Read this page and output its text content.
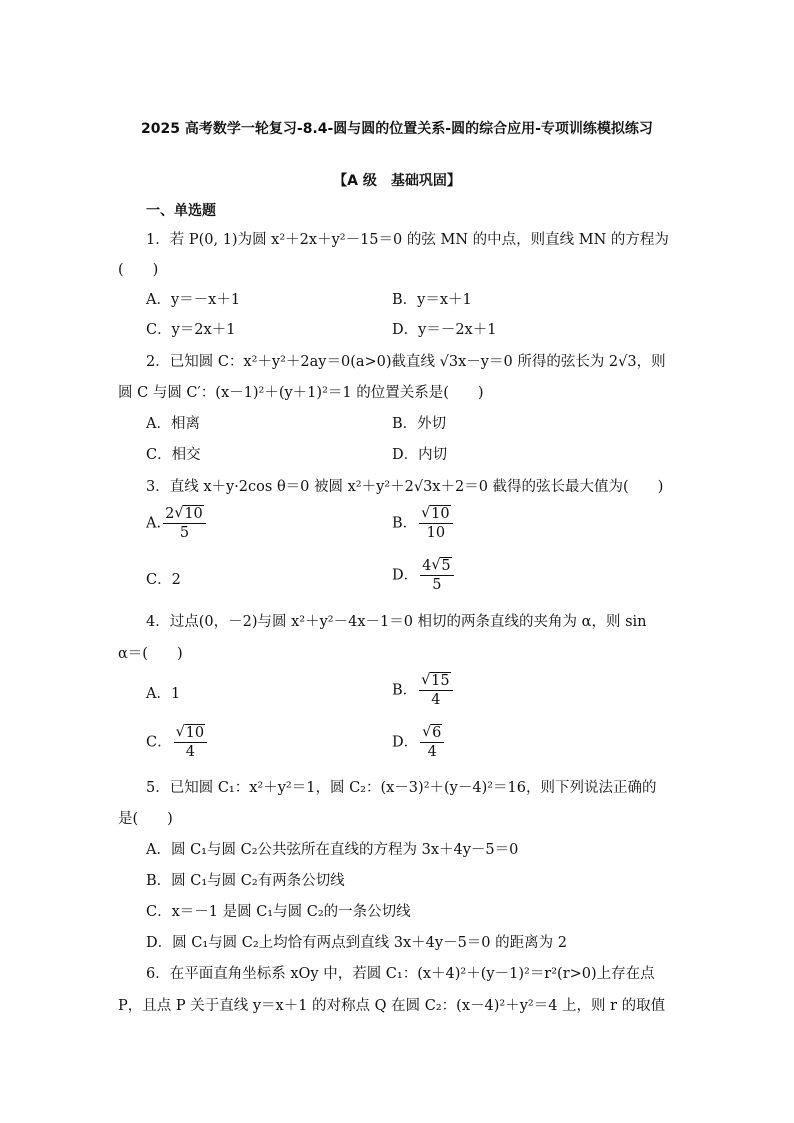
2025 高考数学一轮复习-8.4-圆与圆的位置关系-圆的综合应用-专项训练模拟练习
【A 级　基础巩固】
一、单选题
1．若 P(0, 1)为圆 x²＋2x＋y²－15＝0 的弦 MN 的中点，则直线 MN 的方程为
(　　)
A．y＝－x＋1	B．y＝x＋1
C．y＝2x＋1	D．y＝－2x＋1
2．已知圆 C：x²＋y²＋2ay＝0(a>0)截直线 √3x－y＝0 所得的弦长为 2√3，则
圆 C 与圆 C′：(x－1)²＋(y＋1)²＝1 的位置关系是(　　)
A．相离	B．外切
C．相交	D．内切
3．直线 x＋y·2cos θ＝0 被圆 x²＋y²＋2√3x＋2＝0 截得的弦长最大值为(　　)
A. $\frac{2 √ 10}{5}$	B． √ $\frac{10}{10}$
C．2	D． $\frac{4 √ 5}{5}$
4．过点(0，－2)与圆 x²＋y²－4x－1＝0 相切的两条直线的夹角为 α，则 sin
α＝(　　)
A．1	B． √ $\frac{15}{4}$
C． √ $\frac{10}{4}$	D． √ $\frac{6}{4}$
5．已知圆 C₁：x²＋y²＝1，圆 C₂：(x－3)²＋(y－4)²＝16，则下列说法正确的
是(　　)
A．圆 C₁与圆 C₂公共弦所在直线的方程为 3x＋4y－5＝0
B．圆 C₁与圆 C₂有两条公切线
C．x＝－1 是圆 C₁与圆 C₂的一条公切线
D．圆 C₁与圆 C₂上均恰有两点到直线 3x＋4y－5＝0 的距离为 2
6．在平面直角坐标系 xOy 中，若圆 C₁：(x＋4)²＋(y－1)²＝r²(r>0)上存在点
P，且点 P 关于直线 y＝x＋1 的对称点 Q 在圆 C₂：(x－4)²＋y²＝4 上，则 r 的取值
